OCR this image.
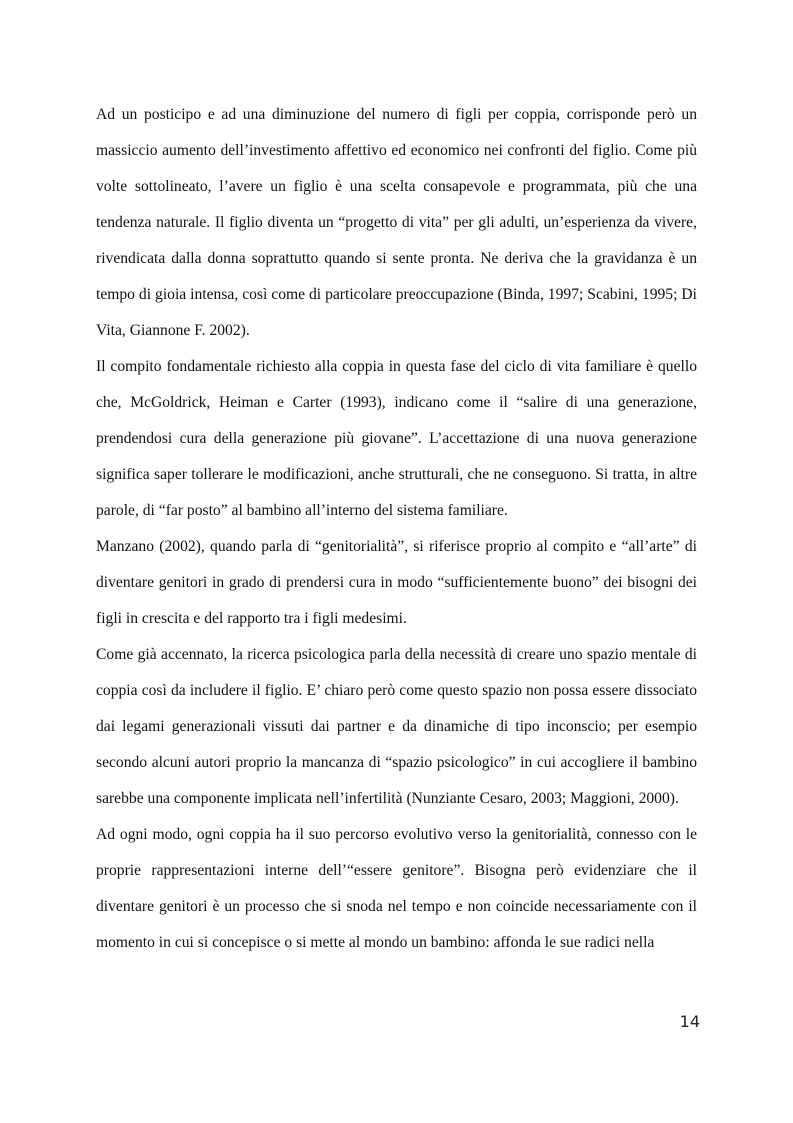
Ad un posticipo e ad una diminuzione del numero di figli per coppia, corrisponde però un massiccio aumento dell’investimento affettivo ed economico nei confronti del figlio. Come più volte sottolineato, l’avere un figlio è una scelta consapevole e programmata, più che una tendenza naturale. Il figlio diventa un “progetto di vita” per gli adulti, un’esperienza da vivere, rivendicata dalla donna soprattutto quando si sente pronta. Ne deriva che la gravidanza è un tempo di gioia intensa, così come di particolare preoccupazione (Binda, 1997; Scabini, 1995; Di Vita, Giannone F. 2002).

Il compito fondamentale richiesto alla coppia in questa fase del ciclo di vita familiare è quello che, McGoldrick, Heiman e Carter (1993), indicano come il “salire di una generazione, prendendosi cura della generazione più giovane”. L’accettazione di una nuova generazione significa saper tollerare le modificazioni, anche strutturali, che ne conseguono. Si tratta, in altre parole, di “far posto” al bambino all’interno del sistema familiare.

Manzano (2002), quando parla di “genitorialità”, si riferisce proprio al compito e “all’arte” di diventare genitori in grado di prendersi cura in modo “sufficientemente buono” dei bisogni dei figli in crescita e del rapporto tra i figli medesimi.

Come già accennato, la ricerca psicologica parla della necessità di creare uno spazio mentale di coppia così da includere il figlio. E’ chiaro però come questo spazio non possa essere dissociato dai legami generazionali vissuti dai partner e da dinamiche di tipo inconscio; per esempio secondo alcuni autori proprio la mancanza di “spazio psicologico” in cui accogliere il bambino sarebbe una componente implicata nell’infertilità (Nunziante Cesaro, 2003; Maggioni, 2000).

Ad ogni modo, ogni coppia ha il suo percorso evolutivo verso la genitorialità, connesso con le proprie rappresentazioni interne dell’“essere genitore”. Bisogna però evidenziare che il diventare genitori è un processo che si snoda nel tempo e non coincide necessariamente con il momento in cui si concepisce o si mette al mondo un bambino: affonda le sue radici nella

14
